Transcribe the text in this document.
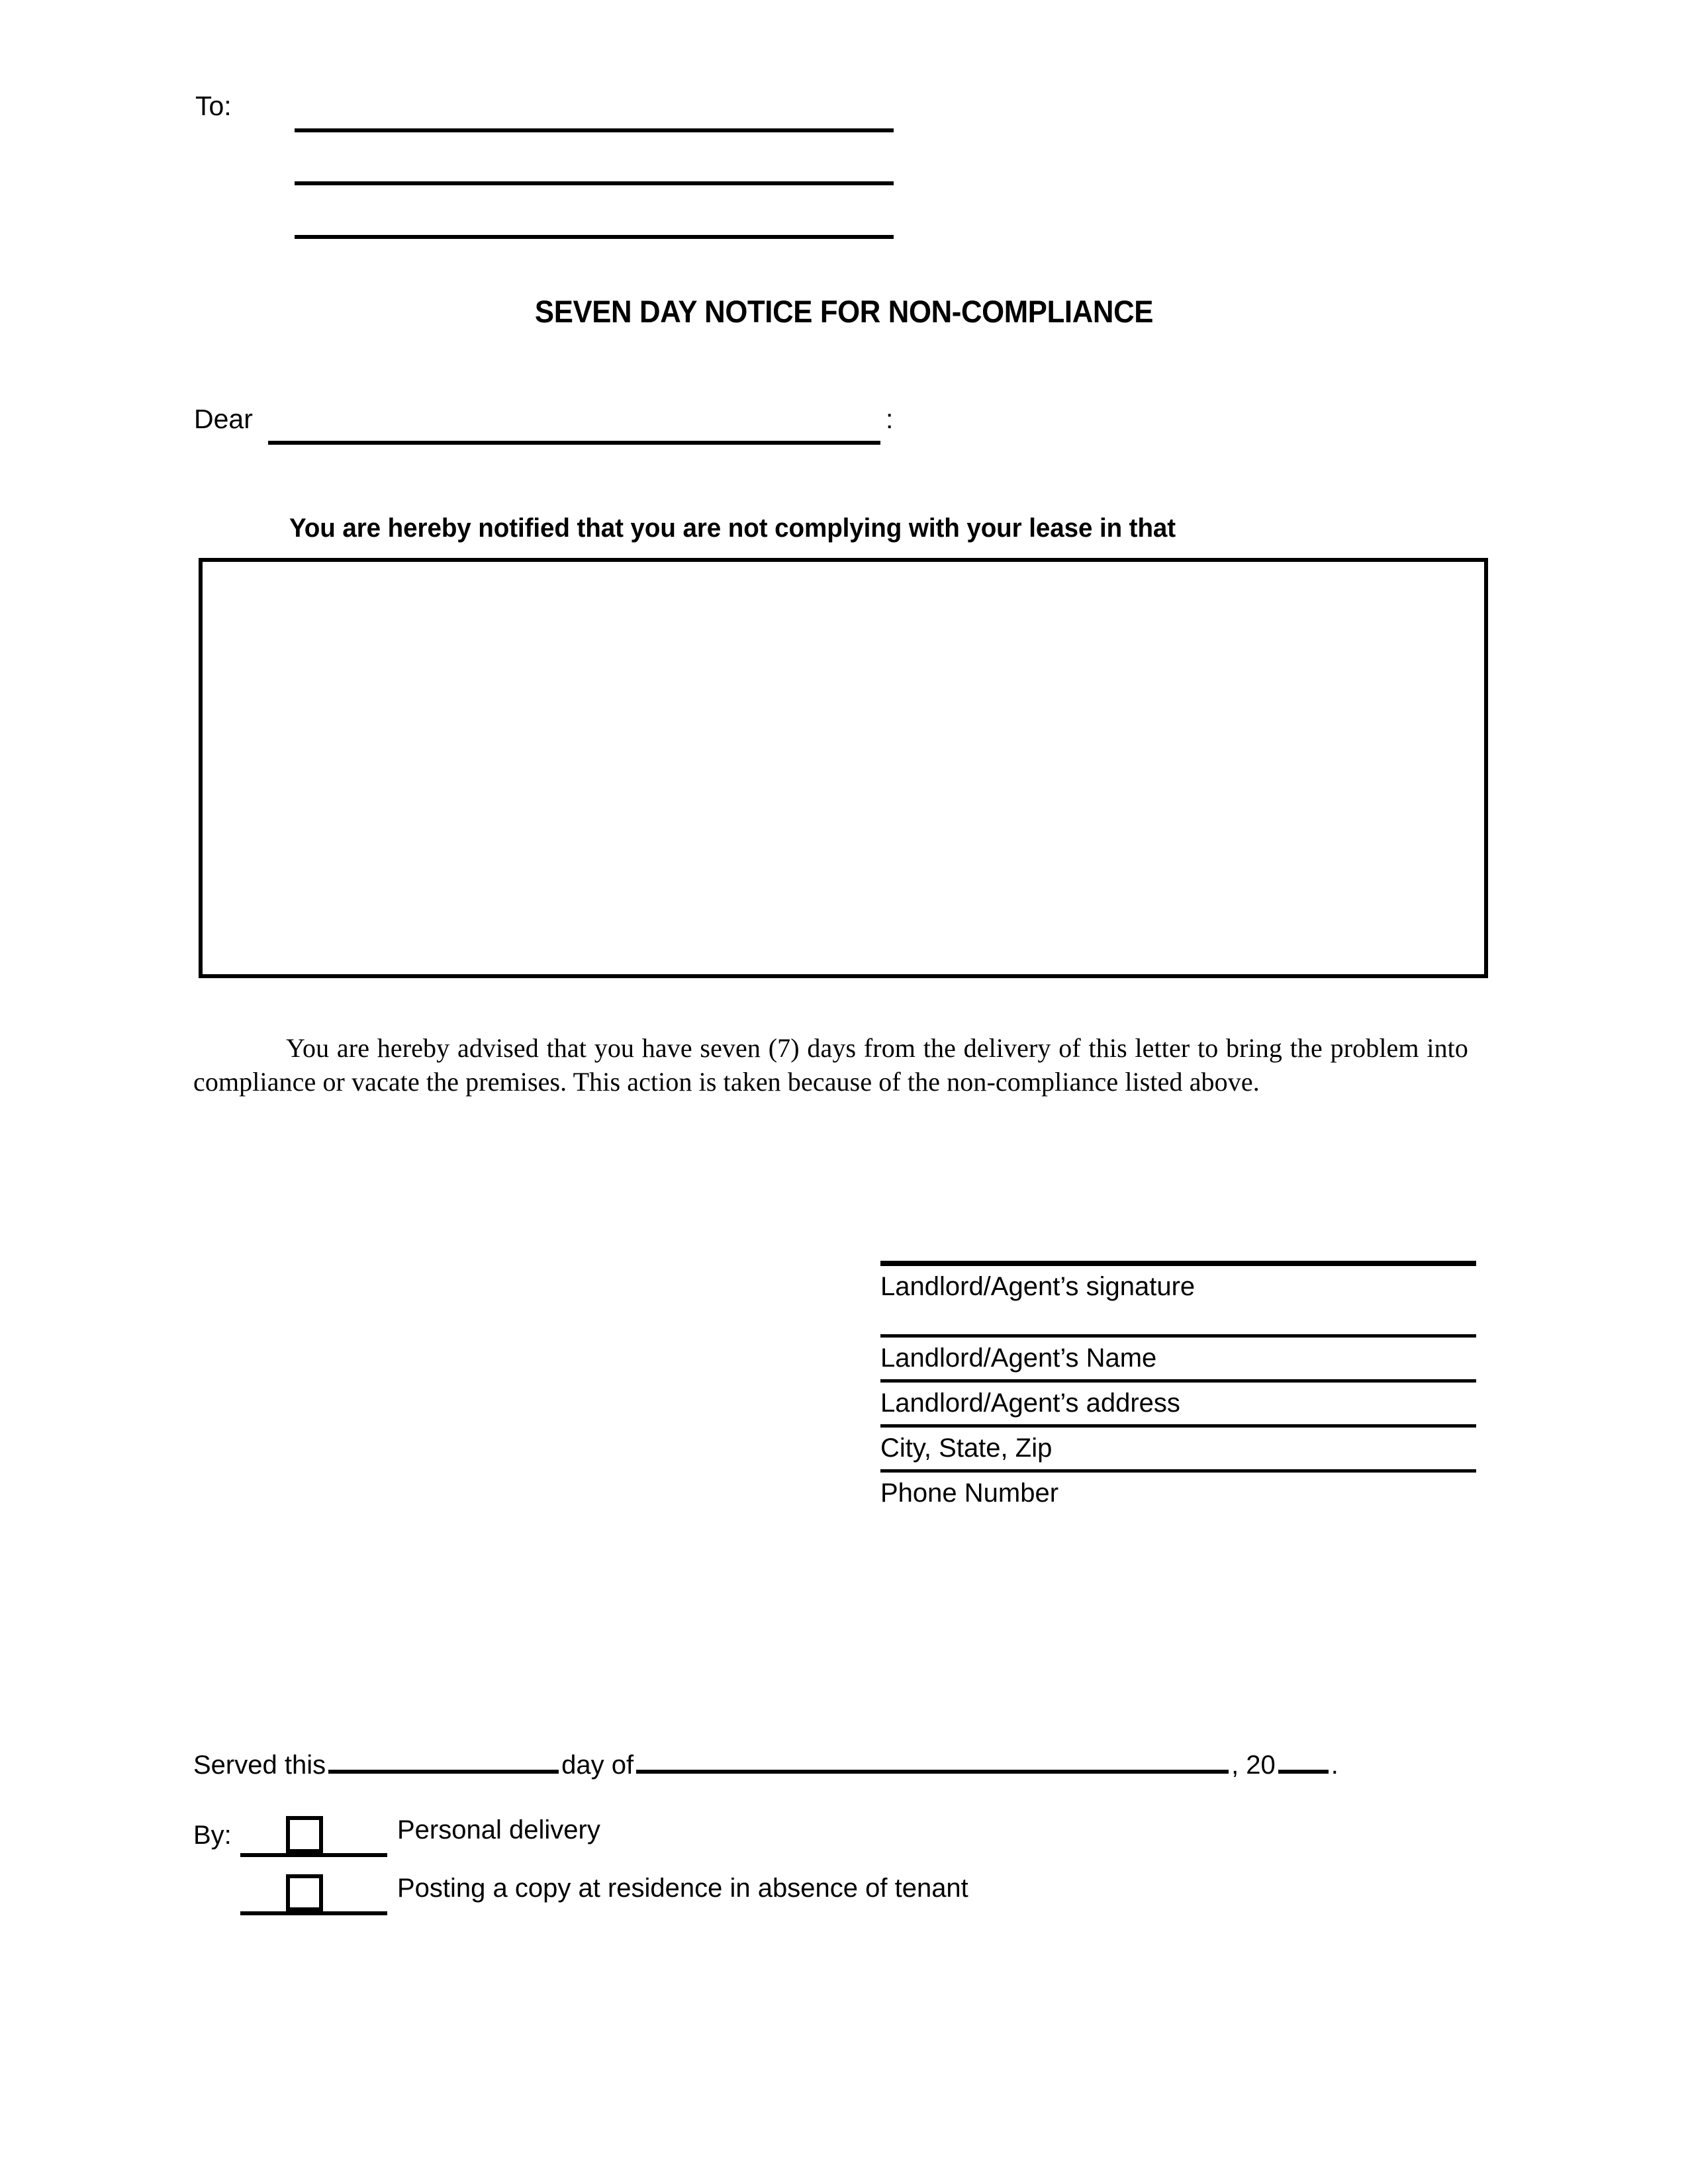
To:
SEVEN DAY NOTICE FOR NON-COMPLIANCE
Dear	:
You are hereby notified that you are not complying with your lease in that
You are hereby advised that you have seven (7) days from the delivery of this letter to bring the problem into compliance or vacate the premises. This action is taken because of the non-compliance listed above.
Landlord/Agent’s signature
Landlord/Agent’s Name
Landlord/Agent’s address
City, State, Zip
Phone Number
Served this	day of	, 20 .
By:	Personal delivery
Posting a copy at residence in absence of tenant
